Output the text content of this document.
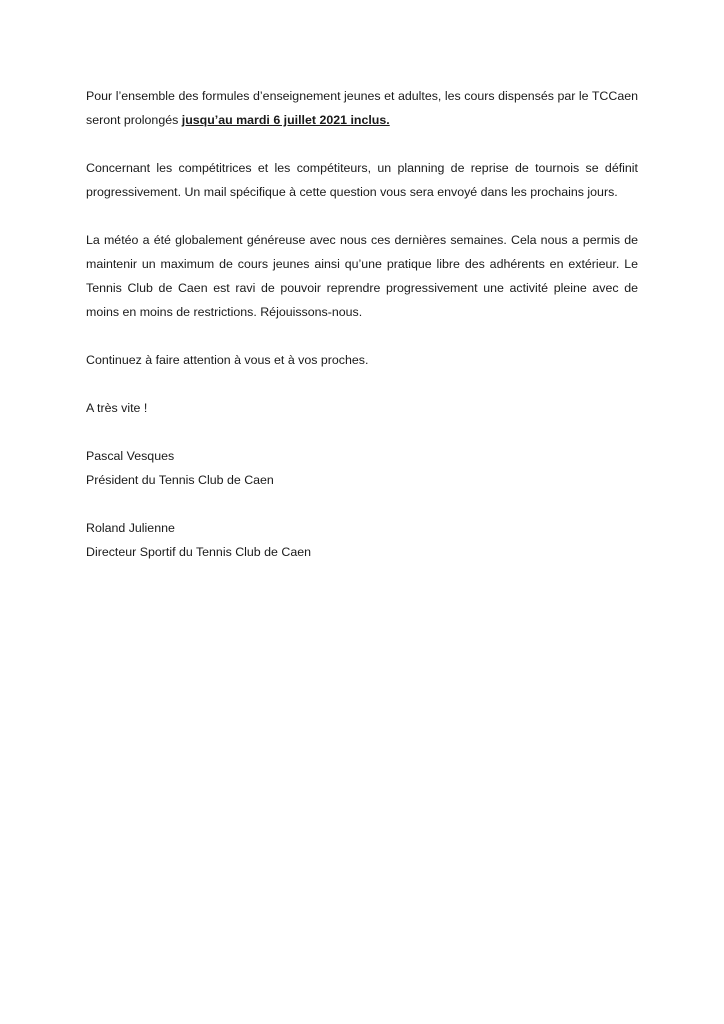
Pour l’ensemble des formules d’enseignement jeunes et adultes, les cours dispensés par le TCCaen seront prolongés jusqu’au mardi 6 juillet 2021 inclus.

Concernant les compétitrices et les compétiteurs, un planning de reprise de tournois se définit progressivement. Un mail spécifique à cette question vous sera envoyé dans les prochains jours.

La météo a été globalement généreuse avec nous ces dernières semaines. Cela nous a permis de maintenir un maximum de cours jeunes ainsi qu’une pratique libre des adhérents en extérieur. Le Tennis Club de Caen est ravi de pouvoir reprendre progressivement une activité pleine avec de moins en moins de restrictions. Réjouissons-nous.

Continuez à faire attention à vous et à vos proches.

A très vite !

Pascal Vesques
Président du Tennis Club de Caen
Roland Julienne
Directeur Sportif du Tennis Club de Caen
